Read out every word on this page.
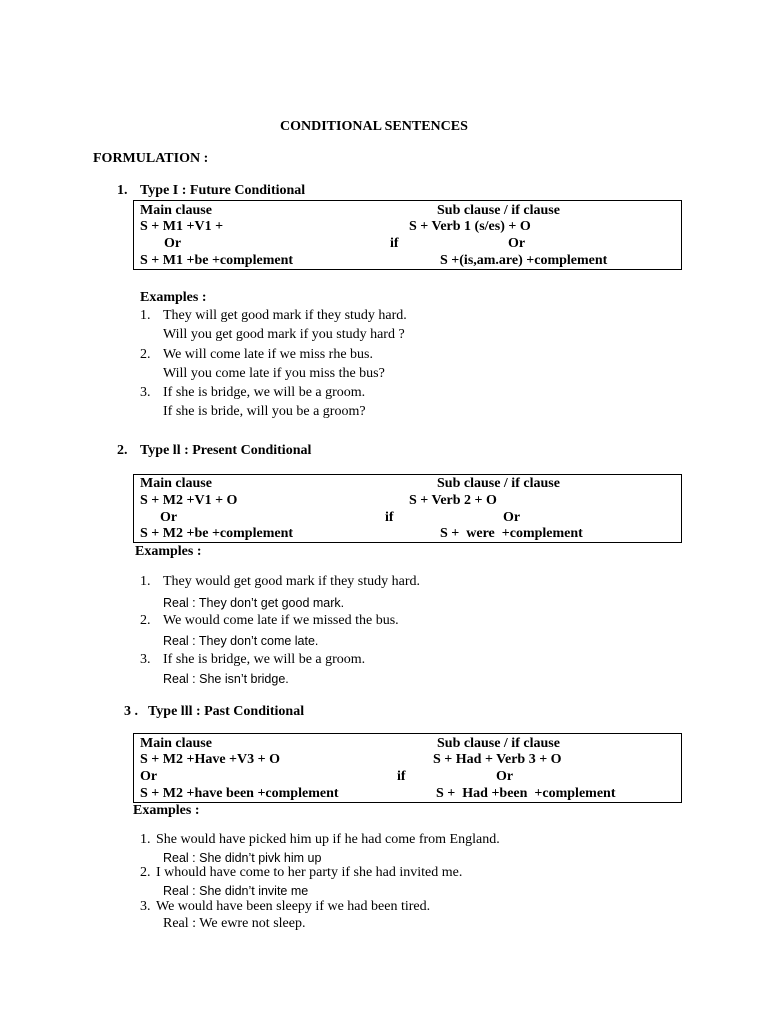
CONDITIONAL SENTENCES
FORMULATION :
1. Type I : Future Conditional
Main clause	Sub clause / if clause
S + M1 +V1 +	S + Verb 1 (s/es) + O
Or	if	Or
S + M1 +be +complement	S +(is,am.are) +complement
Examples :
1. They will get good mark if they study hard.
Will you get good mark if you study hard ?
2. We will come late if we miss rhe bus.
Will you come late if you miss the bus?
3. If she is bridge, we will be a groom.
If she is bride, will you be a groom?
2. Type ll : Present Conditional
Main clause	Sub clause / if clause
S + M2 +V1 + O	S + Verb 2 + O
Or	if	Or
S + M2 +be +complement	S +  were  +complement
Examples :
1. They would get good mark if they study hard.
Real : They don’t get good mark.
2. We would come late if we missed the bus.
Real : They don’t come late.
3. If she is bridge, we will be a groom.
Real : She isn’t bridge.
3 . Type lll : Past Conditional
Main clause	Sub clause / if clause
S + M2 +Have +V3 + O	S + Had + Verb 3 + O
Or	if	Or
S + M2 +have been +complement	S +  Had +been  +complement
Examples :
1. She would have picked him up if he had come from England.
Real : She didn’t pivk him up
2. I whould have come to her party if she had invited me.
Real : She didn’t invite me
3. We would have been sleepy if we had been tired.
Real : We ewre not sleep.
